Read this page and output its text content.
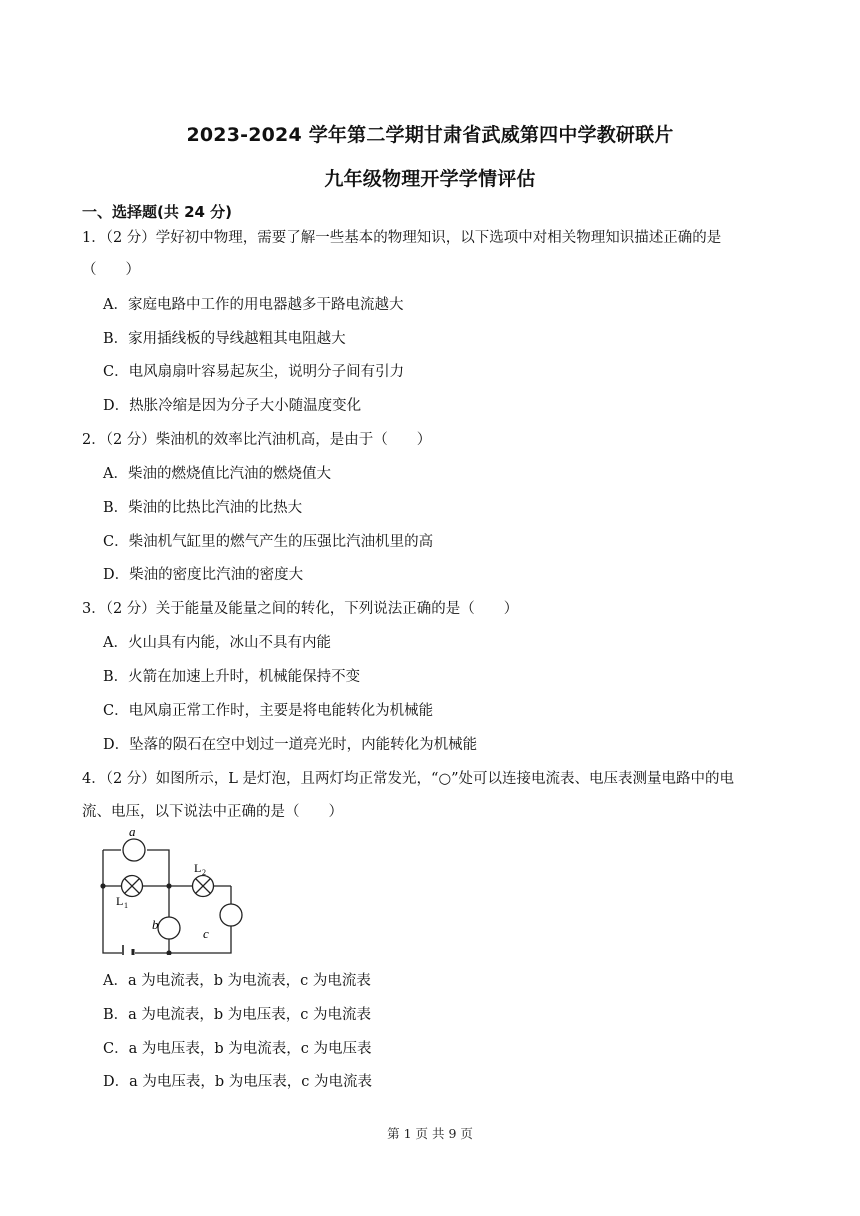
2023-2024 学年第二学期甘肃省武威第四中学教研联片
九年级物理开学学情评估
一、选择题(共 24 分)
1．（2 分）学好初中物理，需要了解一些基本的物理知识，以下选项中对相关物理知识描述正确的是
（　　）
A．家庭电路中工作的用电器越多干路电流越大
B．家用插线板的导线越粗其电阻越大
C．电风扇扇叶容易起灰尘，说明分子间有引力
D．热胀冷缩是因为分子大小随温度变化
2．（2 分）柴油机的效率比汽油机高，是由于（　　）
A．柴油的燃烧值比汽油的燃烧值大
B．柴油的比热比汽油的比热大
C．柴油机气缸里的燃气产生的压强比汽油机里的高
D．柴油的密度比汽油的密度大
3．（2 分）关于能量及能量之间的转化，下列说法正确的是（　　）
A．火山具有内能，冰山不具有内能
B．火箭在加速上升时，机械能保持不变
C．电风扇正常工作时，主要是将电能转化为机械能
D．坠落的陨石在空中划过一道亮光时，内能转化为机械能
4．（2 分）如图所示，L 是灯泡，且两灯均正常发光，“○”处可以连接电流表、电压表测量电路中的电
流、电压，以下说法中正确的是（　　）
a
L 1
L 2
b
c
A．a 为电流表，b 为电流表，c 为电流表
B．a 为电流表，b 为电压表，c 为电流表
C．a 为电压表，b 为电流表，c 为电压表
D．a 为电压表，b 为电压表，c 为电流表
第 1 页 共 9 页
